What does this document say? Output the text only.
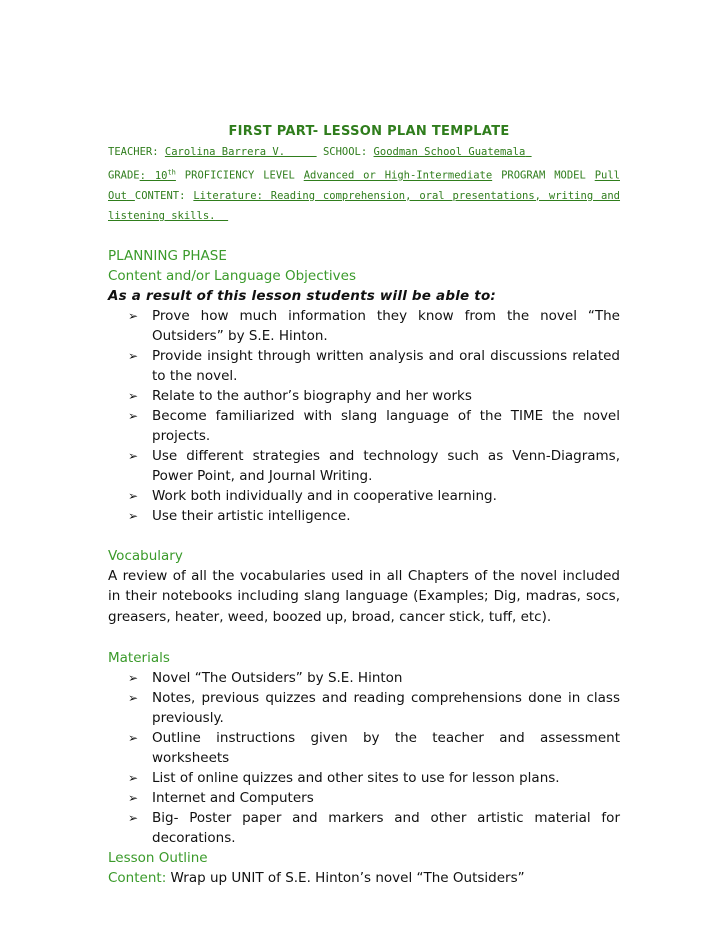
FIRST PART- LESSON PLAN TEMPLATE
TEACHER: Carolina Barrera V.	SCHOOL: Goodman School Guatemala
GRADE: 10th PROFICIENCY LEVEL Advanced or High-Intermediate PROGRAM MODEL Pull Out CONTENT: Literature: Reading comprehension, oral presentations, writing and listening skills.
PLANNING PHASE
Content and/or Language Objectives
As a result of this lesson students will be able to:
➢ Prove how much information they know from the novel “The Outsiders” by S.E. Hinton.
➢ Provide insight through written analysis and oral discussions related to the novel.
➢ Relate to the author’s biography and her works
➢ Become familiarized with slang language of the TIME the novel projects.
➢ Use different strategies and technology such as Venn-Diagrams, Power Point, and Journal Writing.
➢ Work both individually and in cooperative learning.
➢ Use their artistic intelligence.
Vocabulary
A review of all the vocabularies used in all Chapters of the novel included in their notebooks including slang language (Examples; Dig, madras, socs, greasers, heater, weed, boozed up, broad, cancer stick, tuff, etc).
Materials
➢ Novel “The Outsiders” by S.E. Hinton
➢ Notes, previous quizzes and reading comprehensions done in class previously.
➢ Outline instructions given by the teacher and assessment worksheets
➢ List of online quizzes and other sites to use for lesson plans.
➢ Internet and Computers
➢ Big- Poster paper and markers and other artistic material for decorations.
Lesson Outline
Content: Wrap up UNIT of S.E. Hinton’s novel “The Outsiders”
